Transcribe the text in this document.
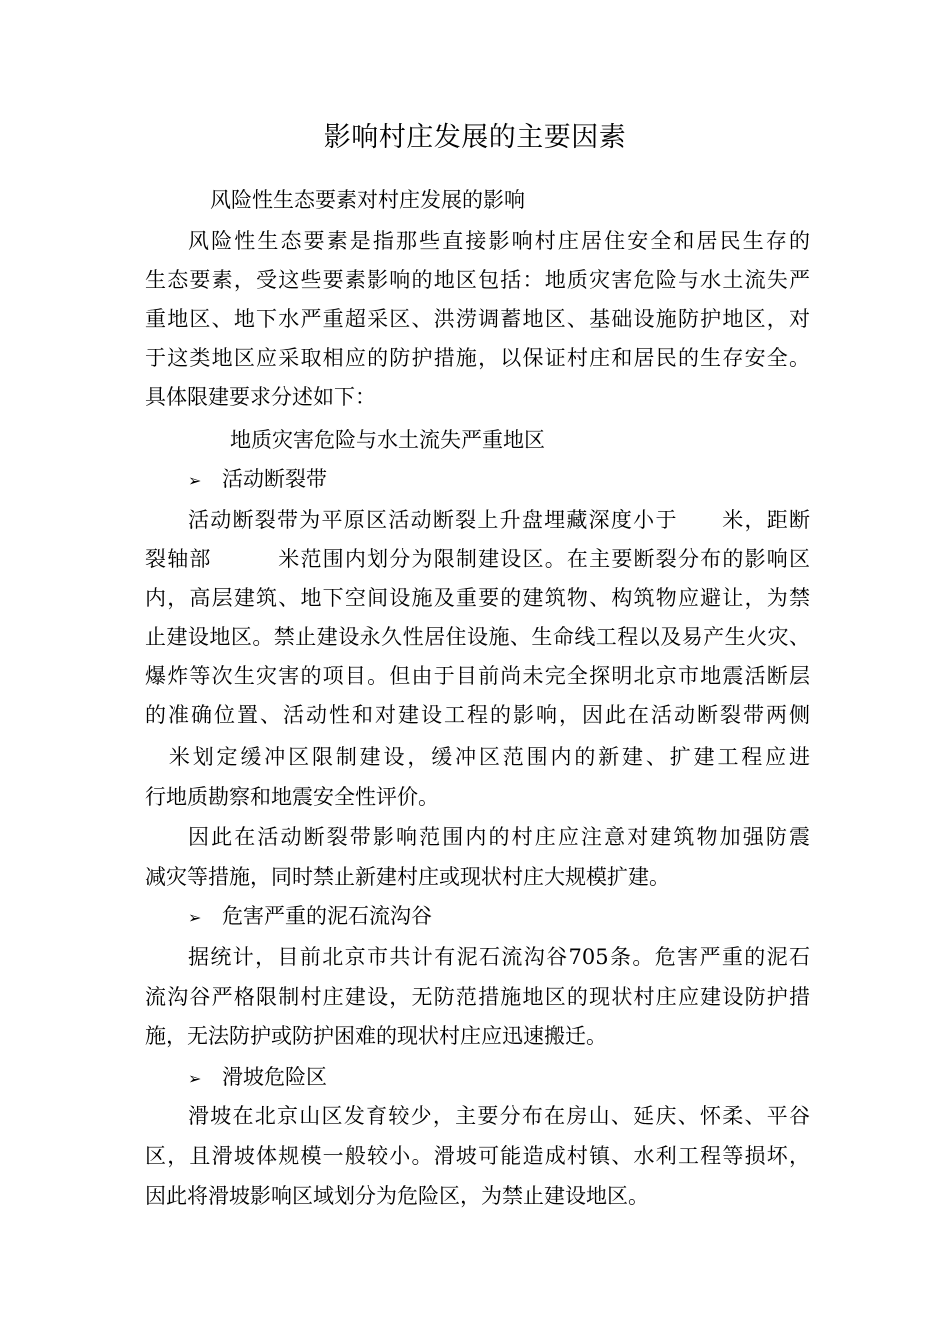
影响村庄发展的主要因素
风险性生态要素对村庄发展的影响
风险性生态要素是指那些直接影响村庄居住安全和居民生存的
生态要素，受这些要素影响的地区包括：地质灾害危险与水土流失严
重地区、地下水严重超采区、洪涝调蓄地区、基础设施防护地区，对
于这类地区应采取相应的防护措施，以保证村庄和居民的生存安全。
具体限建要求分述如下：
地质灾害危险与水土流失严重地区
➢ 活动断裂带
活动断裂带为平原区活动断裂上升盘埋藏深度小于　　米，距断
裂轴部　　　米范围内划分为限制建设区。在主要断裂分布的影响区
内，高层建筑、地下空间设施及重要的建筑物、构筑物应避让，为禁
止建设地区。禁止建设永久性居住设施、生命线工程以及易产生火灾、
爆炸等次生灾害的项目。但由于目前尚未完全探明北京市地震活断层
的准确位置、活动性和对建设工程的影响，因此在活动断裂带两侧
　米划定缓冲区限制建设，缓冲区范围内的新建、扩建工程应进
行地质勘察和地震安全性评价。
因此在活动断裂带影响范围内的村庄应注意对建筑物加强防震
减灾等措施，同时禁止新建村庄或现状村庄大规模扩建。
➢ 危害严重的泥石流沟谷
据统计，目前北京市共计有泥石流沟谷705条。危害严重的泥石
流沟谷严格限制村庄建设，无防范措施地区的现状村庄应建设防护措
施，无法防护或防护困难的现状村庄应迅速搬迁。
➢ 滑坡危险区
滑坡在北京山区发育较少，主要分布在房山、延庆、怀柔、平谷
区，且滑坡体规模一般较小。滑坡可能造成村镇、水利工程等损坏，
因此将滑坡影响区域划分为危险区，为禁止建设地区。
